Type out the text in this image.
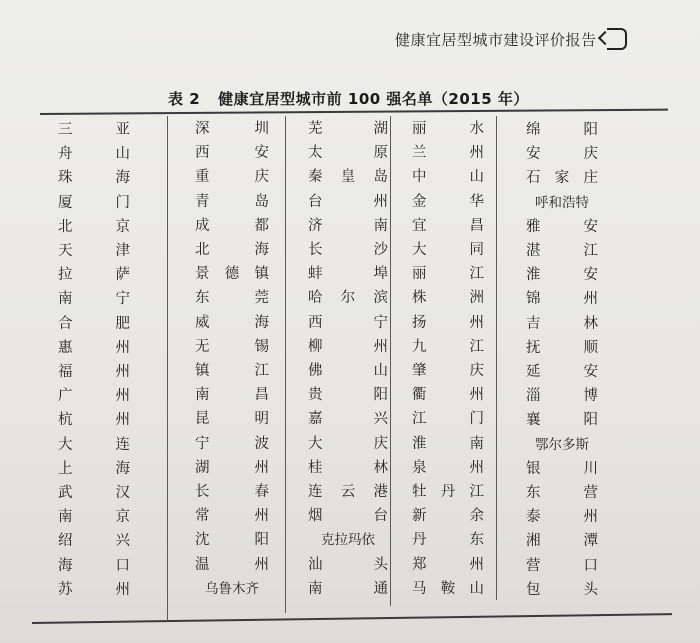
健康宜居型城市建设评价报告
表 2 健康宜居型城市前 100 强名单（2015 年）
三	亚
舟	山
珠	海
厦	门
北	京
天	津
拉	萨
南	宁
合	肥
惠	州
福	州
广	州
杭	州
大	连
上	海
武	汉
南	京
绍	兴
海	口
苏	州
深	圳
西	安
重	庆
青	岛
成	都
北	海
景 德 镇
东	莞
威	海
无	锡
镇	江
南	昌
昆	明
宁	波
湖	州
长	春
常	州
沈	阳
温	州
乌鲁木齐
芜	湖
太	原
秦 皇 岛
台	州
济	南
长	沙
蚌	埠
哈 尔 滨
西	宁
柳	州
佛	山
贵	阳
嘉	兴
大	庆
桂	林
连 云 港
烟	台
克拉玛依
汕	头
南	通
丽	水
兰	州
中	山
金	华
宜	昌
大	同
丽	江
株	洲
扬	州
九	江
肇	庆
衢	州
江	门
淮	南
泉	州
牡 丹 江
新	余
丹	东
郑	州
马 鞍 山
绵	阳
安	庆
石 家 庄
呼和浩特
雅	安
湛	江
淮	安
锦	州
吉	林
抚	顺
延	安
淄	博
襄	阳
鄂尔多斯
银	川
东	营
泰	州
湘	潭
营	口
包	头
